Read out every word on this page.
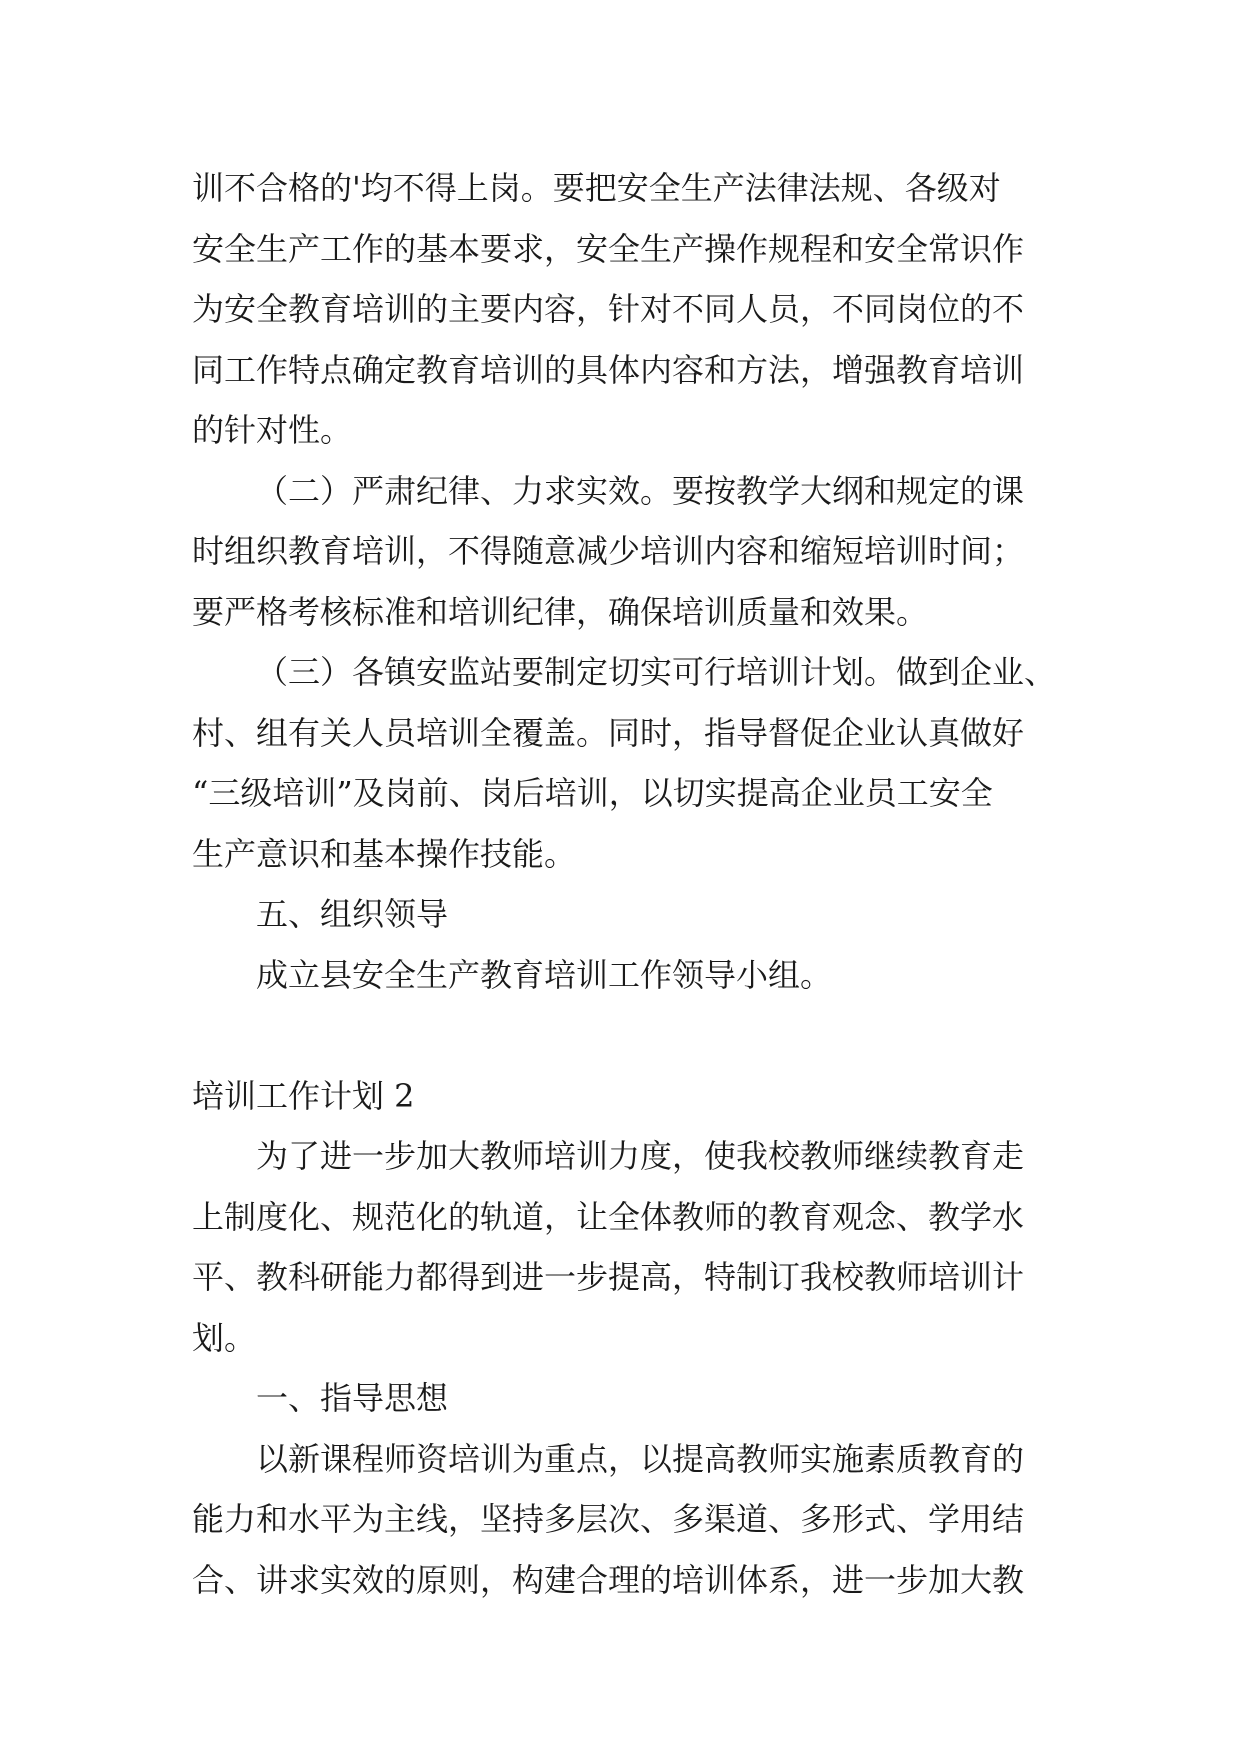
训不合格的'均不得上岗。要把安全生产法律法规、各级对
安全生产工作的基本要求，安全生产操作规程和安全常识作
为安全教育培训的主要内容，针对不同人员，不同岗位的不
同工作特点确定教育培训的具体内容和方法，增强教育培训
的针对性。
（二）严肃纪律、力求实效。要按教学大纲和规定的课
时组织教育培训，不得随意减少培训内容和缩短培训时间；
要严格考核标准和培训纪律，确保培训质量和效果。
（三）各镇安监站要制定切实可行培训计划。做到企业、
村、组有关人员培训全覆盖。同时，指导督促企业认真做好
“三级培训”及岗前、岗后培训，以切实提高企业员工安全
生产意识和基本操作技能。
五、组织领导
成立县安全生产教育培训工作领导小组。
培训工作计划 2
为了进一步加大教师培训力度，使我校教师继续教育走
上制度化、规范化的轨道，让全体教师的教育观念、教学水
平、教科研能力都得到进一步提高，特制订我校教师培训计
划。
一、指导思想
以新课程师资培训为重点，以提高教师实施素质教育的
能力和水平为主线，坚持多层次、多渠道、多形式、学用结
合、讲求实效的原则，构建合理的培训体系，进一步加大教
